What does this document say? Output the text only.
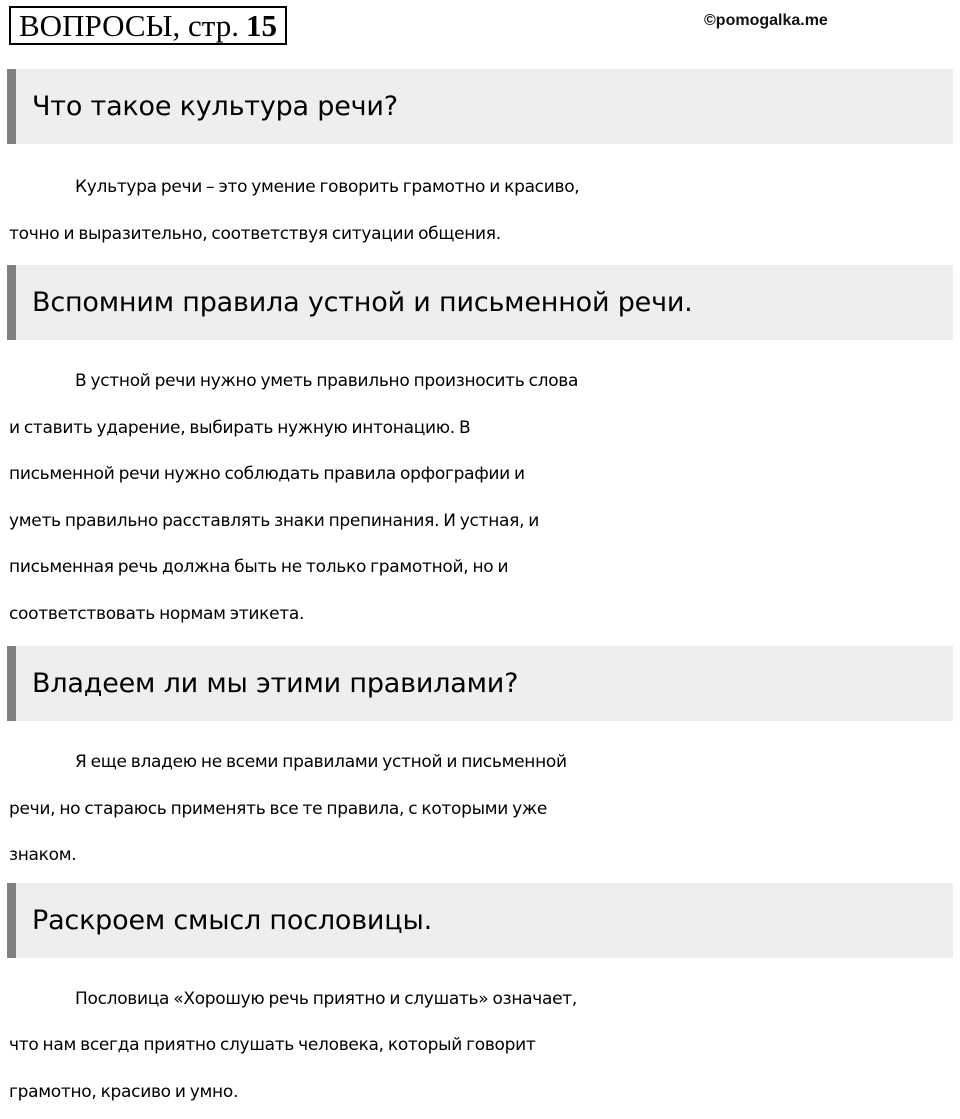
ВОПРОСЫ, стр. 15	©pomogalka.me
Что такое культура речи?

Культура речи – это умение говорить грамотно и красиво,
точно и выразительно, соответствуя ситуации общения.

Вспомним правила устной и письменной речи.

В устной речи нужно уметь правильно произносить слова
и ставить ударение, выбирать нужную интонацию. В
письменной речи нужно соблюдать правила орфографии и
уметь правильно расставлять знаки препинания. И устная, и
письменная речь должна быть не только грамотной, но и
соответствовать нормам этикета.

Владеем ли мы этими правилами?

Я еще владею не всеми правилами устной и письменной
речи, но стараюсь применять все те правила, с которыми уже
знаком.

Раскроем смысл пословицы.

Пословица «Хорошую речь приятно и слушать» означает,
что нам всегда приятно слушать человека, который говорит
грамотно, красиво и умно.
